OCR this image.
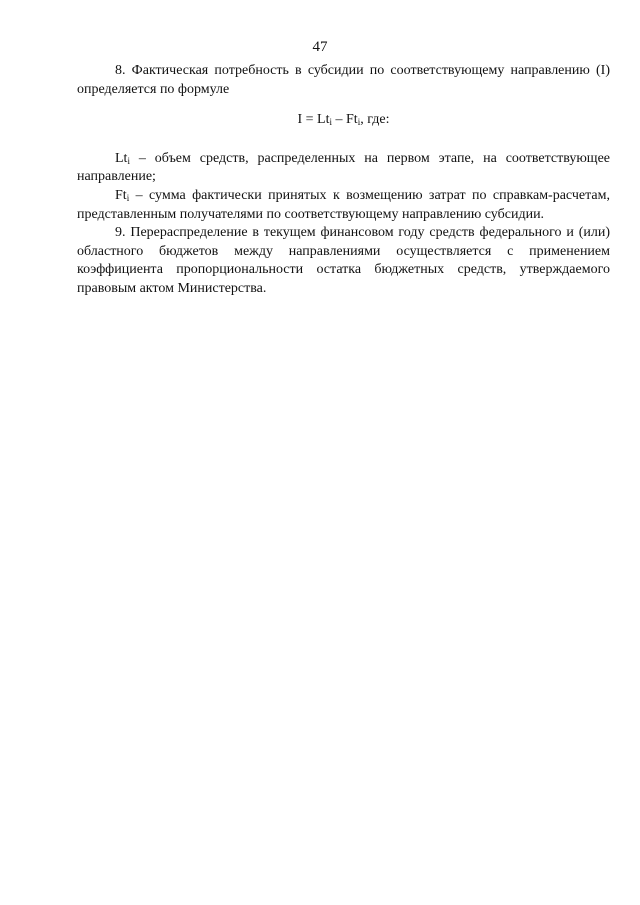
47

8. Фактическая потребность в субсидии по соответствующему направлению (I) определяется по формуле

$I = Lt_i - Ft_i$, где:

$Lt_i$ – объем средств, распределенных на первом этапе, на соответствующее направление;

$Ft_i$ – сумма фактически принятых к возмещению затрат по справкам-расчетам, представленным получателями по соответствующему направлению субсидии.

9. Перераспределение в текущем финансовом году средств федерального и (или) областного бюджетов между направлениями осуществляется с применением коэффициента пропорциональности остатка бюджетных средств, утверждаемого правовым актом Министерства.
